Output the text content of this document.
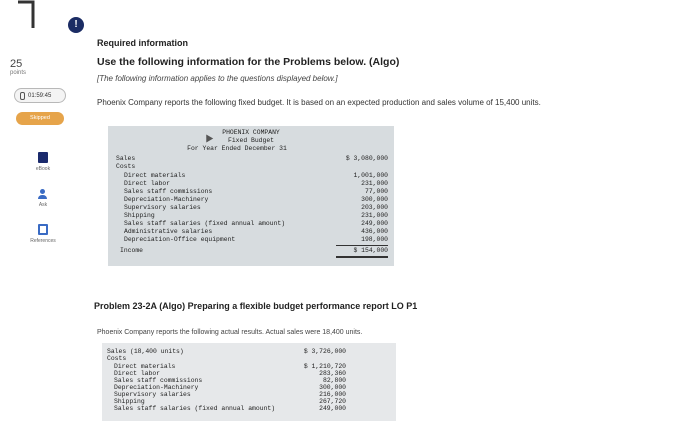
25
points
01:59:45
Skipped
eBook
Ask
References
!
Required information
Use the following information for the Problems below. (Algo)
[The following information applies to the questions displayed below.]
Phoenix Company reports the following fixed budget. It is based on an expected production and sales volume of 15,400 units.
PHOENIX COMPANY
Fixed Budget
For Year Ended December 31
Sales	$ 3,080,000
Costs
Direct materials	1,001,000
Direct labor	231,000
Sales staff commissions	77,000
Depreciation-Machinery	300,000
Supervisory salaries	203,000
Shipping	231,000
Sales staff salaries (fixed annual amount)	249,000
Administrative salaries	436,000
Depreciation-Office equipment	198,000
Income	$ 154,000
Problem 23-2A (Algo) Preparing a flexible budget performance report LO P1
Phoenix Company reports the following actual results. Actual sales were 18,400 units.
Sales (18,400 units)	$ 3,726,000
Costs
Direct materials	$ 1,210,720
Direct labor	283,360
Sales staff commissions	82,800
Depreciation-Machinery	300,000
Supervisory salaries	216,000
Shipping	267,720
Sales staff salaries (fixed annual amount)	249,000
